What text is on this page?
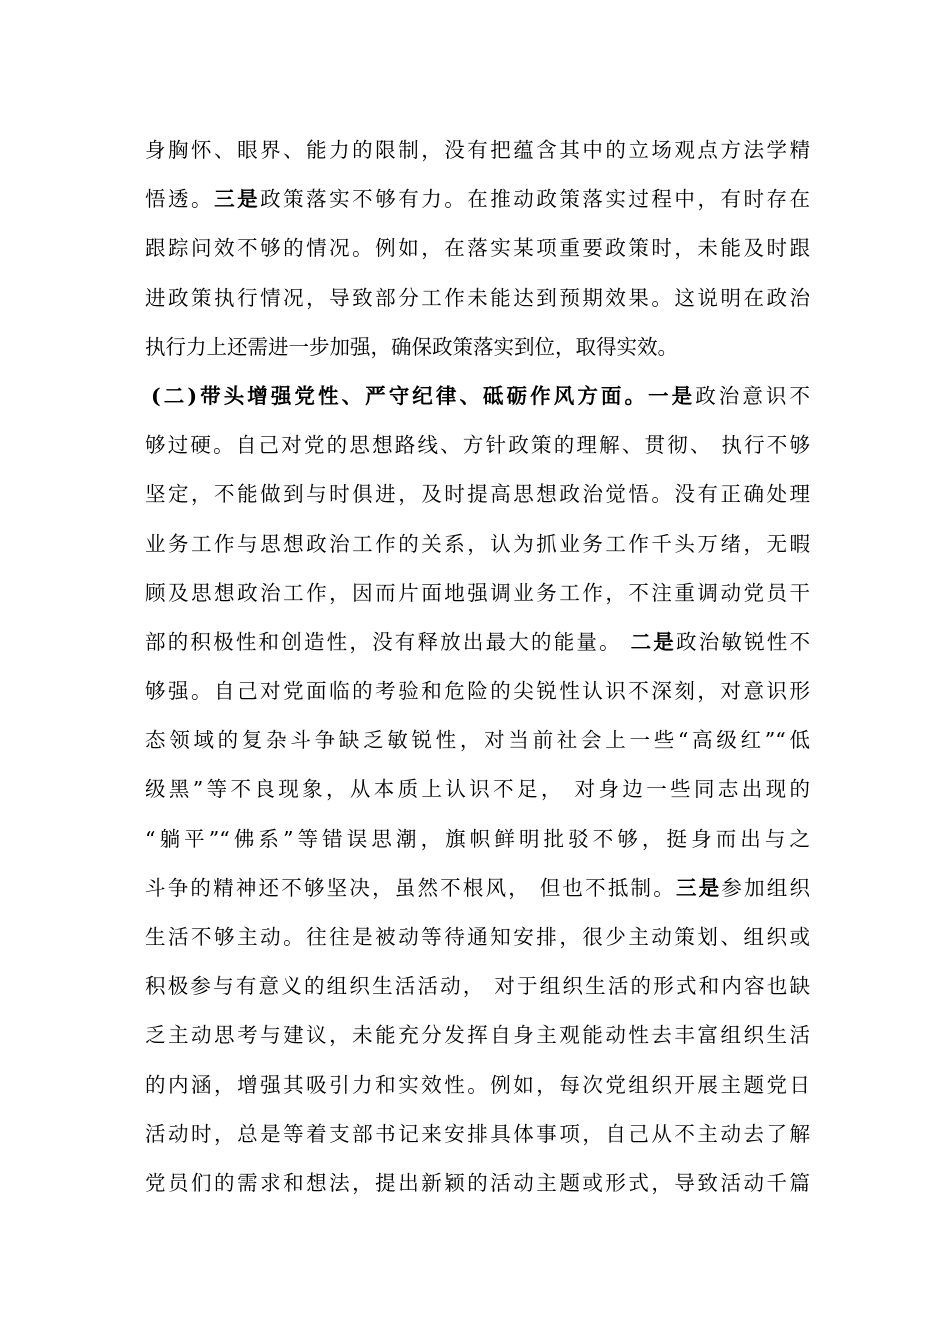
身胸怀、眼界、能力的限制，没有把蕴含其中的立场观点方法学精
悟透。三是政策落实不够有力。在推动政策落实过程中，有时存在
跟踪问效不够的情况。例如，在落实某项重要政策时，未能及时跟
进政策执行情况，导致部分工作未能达到预期效果。这说明在政治
执行力上还需进一步加强，确保政策落实到位，取得实效。
(二)带头增强党性、严守纪律、砥砺作风方面。一是政治意识不
够过硬。自己对党的思想路线、方针政策的理解、贯彻、 执行不够
坚定，不能做到与时俱进，及时提高思想政治觉悟。没有正确处理
业务工作与思想政治工作的关系，认为抓业务工作千头万绪，无暇
顾及思想政治工作，因而片面地强调业务工作，不注重调动党员干
部的积极性和创造性，没有释放出最大的能量。 二是政治敏锐性不
够强。自己对党面临的考验和危险的尖锐性认识不深刻，对意识形
态领域的复杂斗争缺乏敏锐性，对当前社会上一些“高级红”“低
级黑”等不良现象，从本质上认识不足， 对身边一些同志出现的
“躺平”“佛系”等错误思潮，旗帜鲜明批驳不够，挺身而出与之
斗争的精神还不够坚决，虽然不根风， 但也不抵制。三是参加组织
生活不够主动。往往是被动等待通知安排，很少主动策划、组织或
积极参与有意义的组织生活活动， 对于组织生活的形式和内容也缺
乏主动思考与建议，未能充分发挥自身主观能动性去丰富组织生活
的内涵，增强其吸引力和实效性。例如，每次党组织开展主题党日
活动时，总是等着支部书记来安排具体事项，自己从不主动去了解
党员们的需求和想法，提出新颖的活动主题或形式，导致活动千篇
